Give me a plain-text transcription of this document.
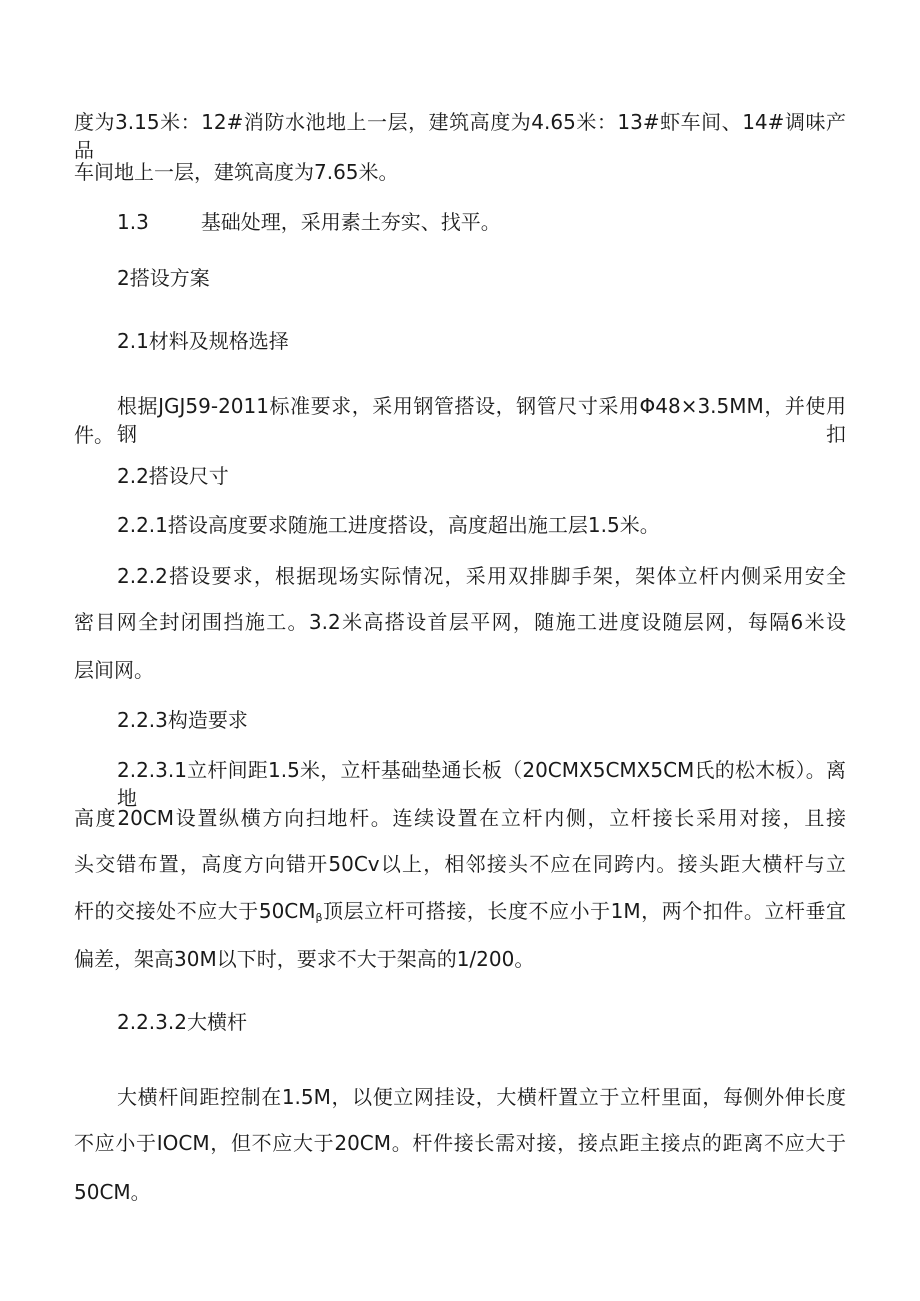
度为3.15米：12#消防水池地上一层，建筑高度为4.65米：13#虾车间、14#调味产品
车间地上一层，建筑高度为7.65米。
1.3	基础处理，采用素土夯实、找平。
2搭设方案
2.1材料及规格选择
根据JGJ59-2011标准要求，采用钢管搭设，钢管尺寸采用Φ48×3.5MM，并使用钢扣
件。
2.2搭设尺寸
2.2.1搭设高度要求随施工进度搭设，高度超出施工层1.5米。
2.2.2搭设要求，根据现场实际情况，采用双排脚手架，架体立杆内侧采用安全
密目网全封闭围挡施工。3.2米高搭设首层平网，随施工进度设随层网，每隔6米设
层间网。
2.2.3构造要求
2.2.3.1立杆间距1.5米，立杆基础垫通长板（20CMX5CMX5CM氏的松木板）。离地
高度20CM设置纵横方向扫地杆。连续设置在立杆内侧，立杆接长采用对接，且接
头交错布置，高度方向错开50Cv以上，相邻接头不应在同跨内。接头距大横杆与立
杆的交接处不应大于$50CM_\beta$顶层立杆可搭接，长度不应小于1M，两个扣件。立杆垂宜
偏差，架高30M以下时，要求不大于架高的1/200。
2.2.3.2大横杆
大横杆间距控制在1.5M，以便立网挂设，大横杆置立于立杆里面，每侧外伸长度
不应小于IOCM，但不应大于20CM。杆件接长需对接，接点距主接点的距离不应大于
50CM。
